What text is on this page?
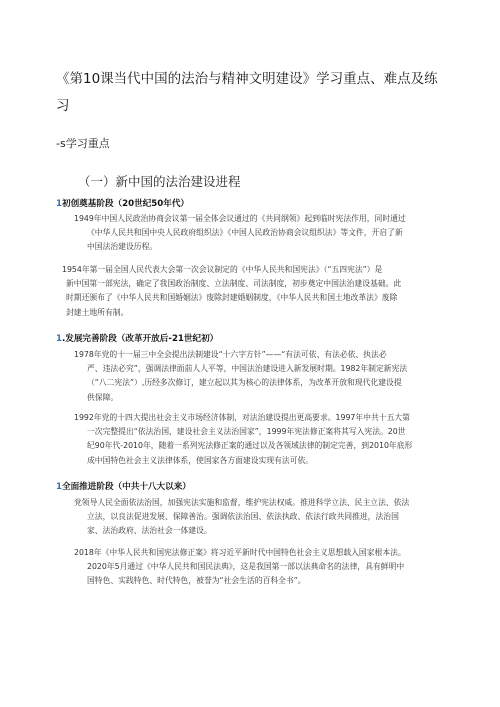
《第10课当代中国的法治与精神文明建设》学习重点、难点及练习
-s学习重点
（一）新中国的法治建设进程
1初创奠基阶段（20世纪50年代）
1949年中国人民政治协商会议第一届全体会议通过的《共同纲领》起到临时宪法作用，同时通过
《中华人民共和国中央人民政府组织法》《中国人民政治协商会议组织法》等文件，开启了新
中国法治建设历程。
1954年第一届全国人民代表大会第一次会议制定的《中华人民共和国宪法》（“五四宪法”）是
新中国第一部宪法，确定了我国政治制度、立法制度、司法制度，初步奠定中国法治建设基础。此
时期还颁布了《中华人民共和国婚姻法》废除封建婚姻制度，《中华人民共和国土地改革法》废除
封建土地所有制。
1.发展完善阶段（改革开放后-21世纪初）
1978年党的十一届三中全会提出法制建设“十六字方针”——“有法可依、有法必依、执法必
严、违法必究”，强调法律面前人人平等，中国法治建设进入新发展时期。1982年制定新宪法
（“八二宪法”）,历经多次修订，建立起以其为核心的法律体系，为改革开放和现代化建设提
供保障。
1992年党的十四大提出社会主义市场经济体制，对法治建设提出更高要求。1997年中共十五大第
一次完整提出“依法治国，建设社会主义法治国家”，1999年宪法修正案将其写入宪法。20世
纪90年代-2010年，随着一系列宪法修正案的通过以及各领域法律的制定完善，到2010年底形
成中国特色社会主义法律体系，使国家各方面建设实现有法可依。
1全面推进阶段（中共十八大以来）
党领导人民全面依法治国，加强宪法实施和监督，维护宪法权威。推进科学立法、民主立法、依法
立法，以良法促进发展、保障善治。强调依法治国、依法执政、依法行政共同推进，法治国
家、法治政府、法治社会一体建设。
2018年《中华人民共和国宪法修正案》将习近平新时代中国特色社会主义思想载入国家根本法。
2020年5月通过《中华人民共和国民法典》，这是我国第一部以法典命名的法律，具有鲜明中
国特色、实践特色、时代特色，被誉为“社会生活的百科全书”。
